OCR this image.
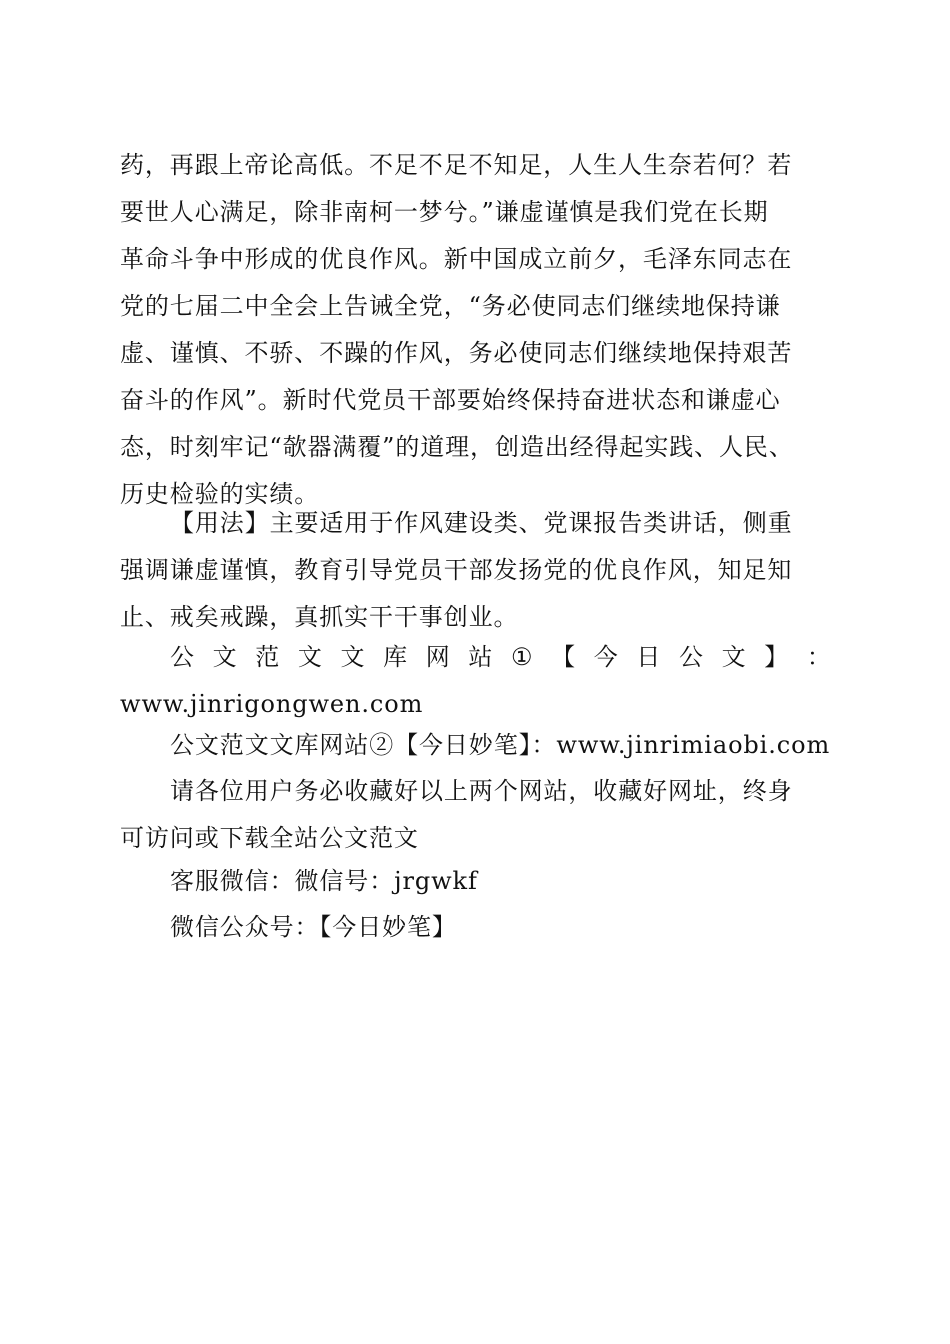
药，再跟上帝论高低。不足不足不知足，人生人生奈若何？若
要世人心满足，除非南柯一梦兮。”谦虚谨慎是我们党在长期
革命斗争中形成的优良作风。新中国成立前夕，毛泽东同志在
党的七届二中全会上告诫全党，“务必使同志们继续地保持谦
虚、谨慎、不骄、不躁的作风，务必使同志们继续地保持艰苦
奋斗的作风”。新时代党员干部要始终保持奋进状态和谦虚心
态，时刻牢记“欹器满覆”的道理，创造出经得起实践、人民、
历史检验的实绩。
【用法】主要适用于作风建设类、党课报告类讲话，侧重
强调谦虚谨慎，教育引导党员干部发扬党的优良作风，知足知
止、戒矣戒躁，真抓实干干事创业。
公 文 范 文 文 库 网 站 ① 【 今 日 公 文 】 ：
www.jinrigongwen.com
公文范文文库网站②【今日妙笔】：www.jinrimiaobi.com
请各位用户务必收藏好以上两个网站，收藏好网址，终身
可访问或下载全站公文范文
客服微信：微信号：jrgwkf
微信公众号：【今日妙笔】
